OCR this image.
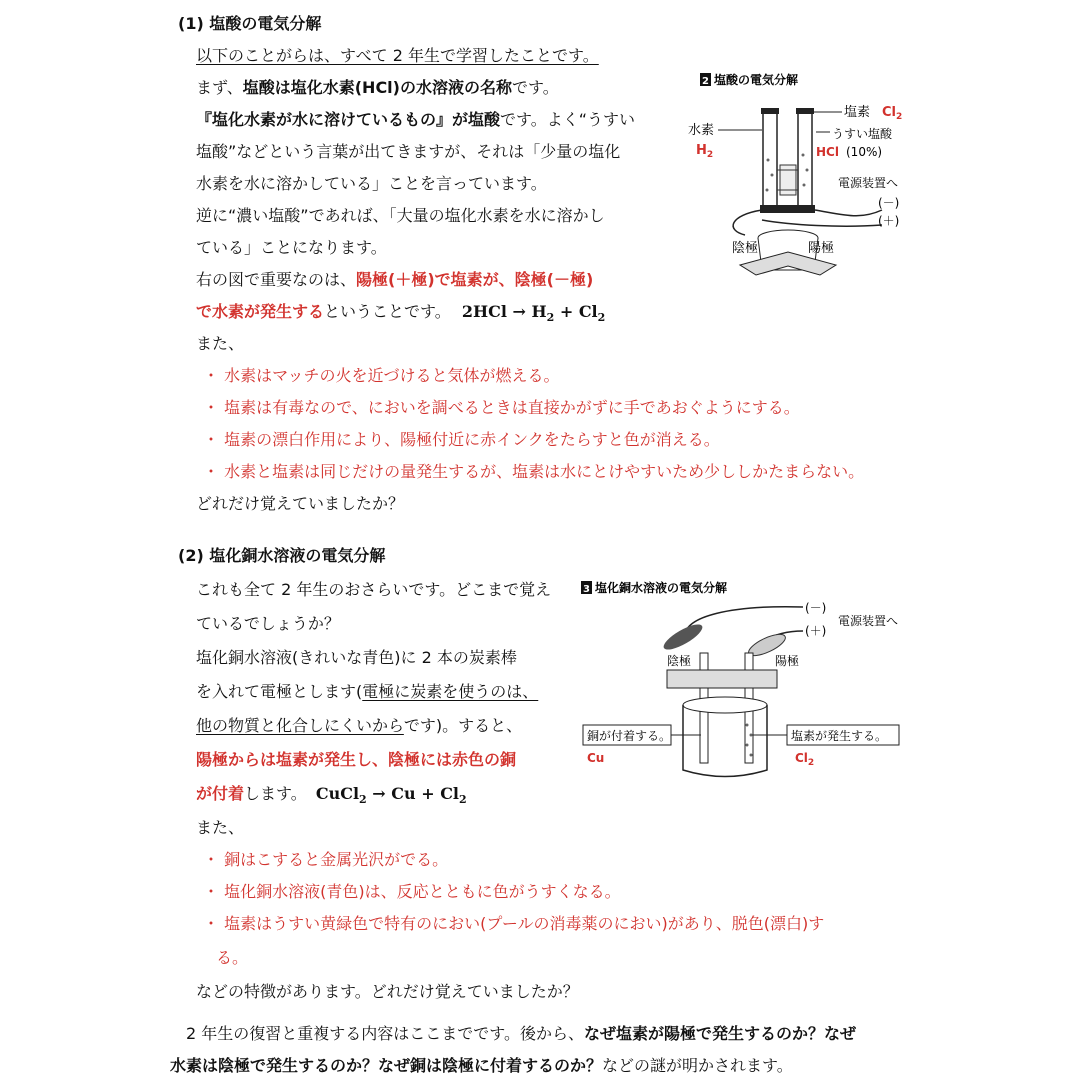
(1) 塩酸の電気分解
以下のことがらは、すべて 2 年生で学習したことです。
まず、塩酸は塩化水素(HCl)の水溶液の名称です。
『塩化水素が水に溶けているもの』が塩酸です。よく“うすい
塩酸”などという言葉が出てきますが、それは「少量の塩化
水素を水に溶かしている」ことを言っています。
逆に“濃い塩酸”であれば、「大量の塩化水素を水に溶かし
ている」ことになります。
右の図で重要なのは、陽極(＋極)で塩素が、陰極(－極)
で水素が発生するということです。 $2HCl \to H_2 + Cl_2$
また、
・ 水素はマッチの火を近づけると気体が燃える。
・ 塩素は有毒なので、においを調べるときは直接かがずに手であおぐようにする。
・ 塩素の漂白作用により、陽極付近に赤インクをたらすと色が消える。
・ 水素と塩素は同じだけの量発生するが、塩素は水にとけやすいため少ししかたまらない。
どれだけ覚えていましたか？
2 塩酸の電気分解
塩素 $Cl_2$
うすい塩酸
HCl (10%)
水素
$H_2$
電源装置へ
(－)
(＋)
陰極	陽極
(2) 塩化銅水溶液の電気分解
これも全て 2 年生のおさらいです。どこまで覚え
ているでしょうか？
塩化銅水溶液(きれいな青色)に 2 本の炭素棒
を入れて電極とします(電極に炭素を使うのは、
他の物質と化合しにくいからです)。すると、
陽極からは塩素が発生し、陰極には赤色の銅
が付着します。 CuCl$_2$ → $Cu + Cl_2$
また、
・ 銅はこすると金属光沢がでる。
・ 塩化銅水溶液(青色)は、反応とともに色がうすくなる。
・ 塩素はうすい黄緑色で特有のにおい(プールの消毒薬のにおい)があり、脱色(漂白)す
る。
などの特徴があります。どれだけ覚えていましたか？
3 塩化銅水溶液の電気分解
(－)
(＋)
電源装置へ
陰極	陽極
銅が付着する。
Cu
塩素が発生する。
$Cl_2$
2 年生の復習と重複する内容はここまでです。後から、なぜ塩素が陽極で発生するのか？なぜ
水素は陰極で発生するのか？なぜ銅は陰極に付着するのか？などの謎が明かされます。
